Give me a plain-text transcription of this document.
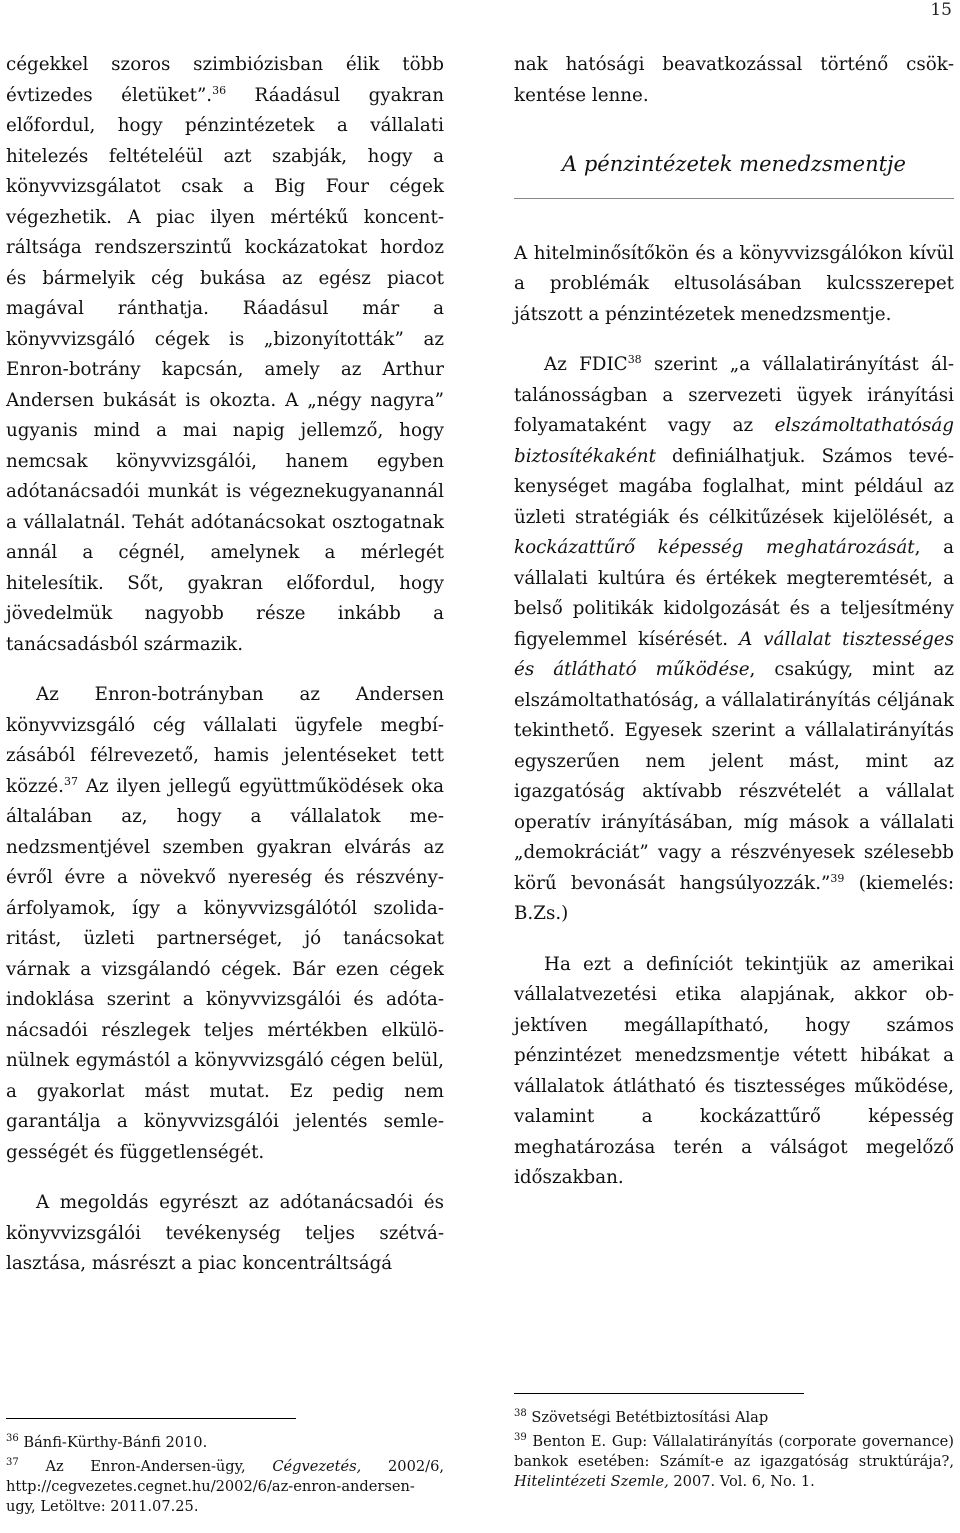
15

cégekkel szoros szimbiózisban élik több évtizedes életüket”.$^{36}$ Ráadásul gyakran előfordul, hogy pénzintézetek a vállalati hitelezés feltételéül azt szabják, hogy a könyvvizsgálatot csak a Big Four cégek végezhetik. A piac ilyen mértékű koncentráltsága rendszerszintű kockázatokat hordoz és bármelyik cég bukása az egész piacot magával ránthatja. Ráadásul már a könyvvizsgáló cégek is „bizonyították” az Enron-botrány kapcsán, amely az Arthur Andersen bukását is okozta. A „négy nagyra” ugyanis mind a mai napig jellemző, hogy nemcsak könyvvizsgálói, hanem egyben adótanácsadói munkát is végeznekugyanannál a vállalatnál. Tehát adótanácsokat osztogatnak annál a cégnél, amelynek a mérlegét hitelesítik. Sőt, gyakran előfordul, hogy jövedelmük nagyobb része inkább a tanácsadásból származik.

Az Enron-botrányban az Andersen könyvvizsgáló cég vállalati ügyfele megbízásából félrevezető, hamis jelentéseket tett közzé.$^{37}$ Az ilyen jellegű együttműködések oka általában az, hogy a vállalatok menedzsmentjével szemben gyakran elvárás az évről évre a növekvő nyereség és részvényárfolyamok, így a könyvvizsgálótól szolidaritást, üzleti partnerséget, jó tanácsokat várnak a vizsgálandó cégek. Bár ezen cégek indoklása szerint a könyvvizsgálói és adótanácsadói részlegek teljes mértékben elkülönülnek egymástól a könyvvizsgáló cégen belül, a gyakorlat mást mutat. Ez pedig nem garantálja a könyvvizsgálói jelentés semlegességét és függetlenségét.

A megoldás egyrészt az adótanácsadói és könyvvizsgálói tevékenység teljes szétválasztása, másrészt a piac koncentráltságá

nak hatósági beavatkozással történő csökkentése lenne.

A pénzintézetek menedzsmentje

A hitelminősítőkön és a könyvvizsgálókon kívül a problémák eltusolásában kulcsszerepet játszott a pénzintézetek menedzsmentje.

Az FDIC$^{38}$ szerint „a vállalatirányítást általánosságban a szervezeti ügyek irányítási folyamataként vagy az elszámoltathatóság biztosítékaként definiálhatjuk. Számos tevékenységet magába foglalhat, mint például az üzleti stratégiák és célkitűzések kijelölését, a kockázattűrő képesség meghatározását, a vállalati kultúra és értékek megteremtését, a belső politikák kidolgozását és a teljesítmény figyelemmel kísérését. A vállalat tisztességes és átlátható működése, csakúgy, mint az elszámoltathatóság, a vállalatirányítás céljának tekinthető. Egyesek szerint a vállalatirányítás egyszerűen nem jelent mást, mint az igazgatóság aktívabb részvételét a vállalat operatív irányításában, míg mások a vállalati „demokráciát” vagy a részvényesek szélesebb körű bevonását hangsúlyozzák.”$^{39}$ (kiemelés: B.Zs.)

Ha ezt a definíciót tekintjük az amerikai vállalatvezetési etika alapjának, akkor objektíven megállapítható, hogy számos pénzintézet menedzsmentje vétett hibákat a vállalatok átlátható és tisztességes működése, valamint a kockázattűrő képesség meghatározása terén a válságot megelőző időszakban.

$^{36}$ Bánfi-Kürthy-Bánfi 2010.

$^{37}$ Az Enron-Andersen-ügy, Cégvezetés, 2002/6, http://cegvezetes.cegnet.hu/2002/6/az-enron-andersen-ugy, Letöltve: 2011.07.25.

$^{38}$ Szövetségi Betétbiztosítási Alap

$^{39}$ Benton E. Gup: Vállalatirányítás (corporate governance) bankok esetében: Számít-e az igazgatóság struktúrája?, Hitelintézeti Szemle, 2007. Vol. 6, No. 1.
